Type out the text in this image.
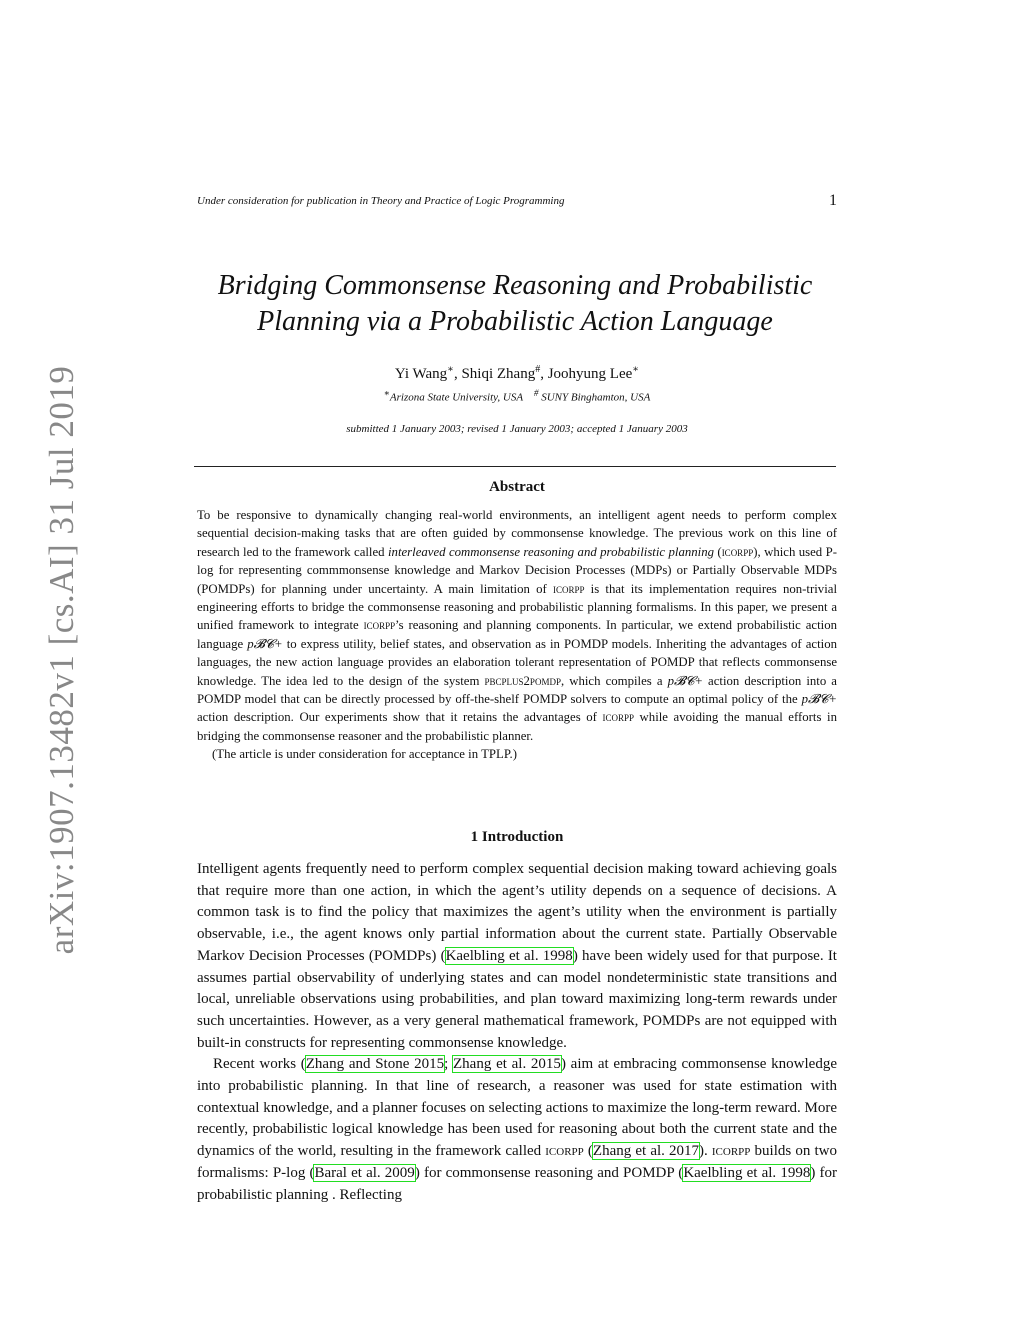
Under consideration for publication in Theory and Practice of Logic Programming	1
arXiv:1907.13482v1 [cs.AI] 31 Jul 2019
Bridging Commonsense Reasoning and Probabilistic
Planning via a Probabilistic Action Language
Yi Wang∗, Shiqi Zhang#, Joohyung Lee∗
∗Arizona State University, USA # SUNY Binghamton, USA
submitted 1 January 2003; revised 1 January 2003; accepted 1 January 2003
Abstract

To be responsive to dynamically changing real-world environments, an intelligent agent needs to perform complex sequential decision-making tasks that are often guided by commonsense knowledge. The previous work on this line of research led to the framework called interleaved commonsense reasoning and probabilistic planning (icorpp), which used P-log for representing commmonsense knowledge and Markov Decision Processes (MDPs) or Partially Observable MDPs (POMDPs) for planning under uncertainty. A main limitation of icorpp is that its implementation requires non-trivial engineering efforts to bridge the commonsense reasoning and probabilistic planning formalisms. In this paper, we present a unified framework to integrate icorpp’s reasoning and planning components. In particular, we extend probabilistic action language p𝓑𝓒+ to express utility, belief states, and observation as in POMDP models. Inheriting the advantages of action languages, the new action language provides an elaboration tolerant representation of POMDP that reflects commonsense knowledge. The idea led to the design of the system pbcplus2pomdp, which compiles a p𝓑𝓒+ action description into a POMDP model that can be directly processed by off-the-shelf POMDP solvers to compute an optimal policy of the p𝓑𝓒+ action description. Our experiments show that it retains the advantages of icorpp while avoiding the manual efforts in bridging the commonsense reasoner and the probabilistic planner.

(The article is under consideration for acceptance in TPLP.)

1 Introduction

Intelligent agents frequently need to perform complex sequential decision making toward achieving goals that require more than one action, in which the agent’s utility depends on a sequence of decisions. A common task is to find the policy that maximizes the agent’s utility when the environment is partially observable, i.e., the agent knows only partial information about the current state. Partially Observable Markov Decision Processes (POMDPs) (Kaelbling et al. 1998) have been widely used for that purpose. It assumes partial observability of underlying states and can model nondeterministic state transitions and local, unreliable observations using probabilities, and plan toward maximizing long-term rewards under such uncertainties. However, as a very general mathematical framework, POMDPs are not equipped with built-in constructs for representing commonsense knowledge.

Recent works (Zhang and Stone 2015; Zhang et al. 2015) aim at embracing commonsense knowledge into probabilistic planning. In that line of research, a reasoner was used for state estimation with contextual knowledge, and a planner focuses on selecting actions to maximize the long-term reward. More recently, probabilistic logical knowledge has been used for reasoning about both the current state and the dynamics of the world, resulting in the framework called icorpp (Zhang et al. 2017). icorpp builds on two formalisms: P-log (Baral et al. 2009) for commonsense reasoning and POMDP (Kaelbling et al. 1998) for probabilistic planning . Reflecting
